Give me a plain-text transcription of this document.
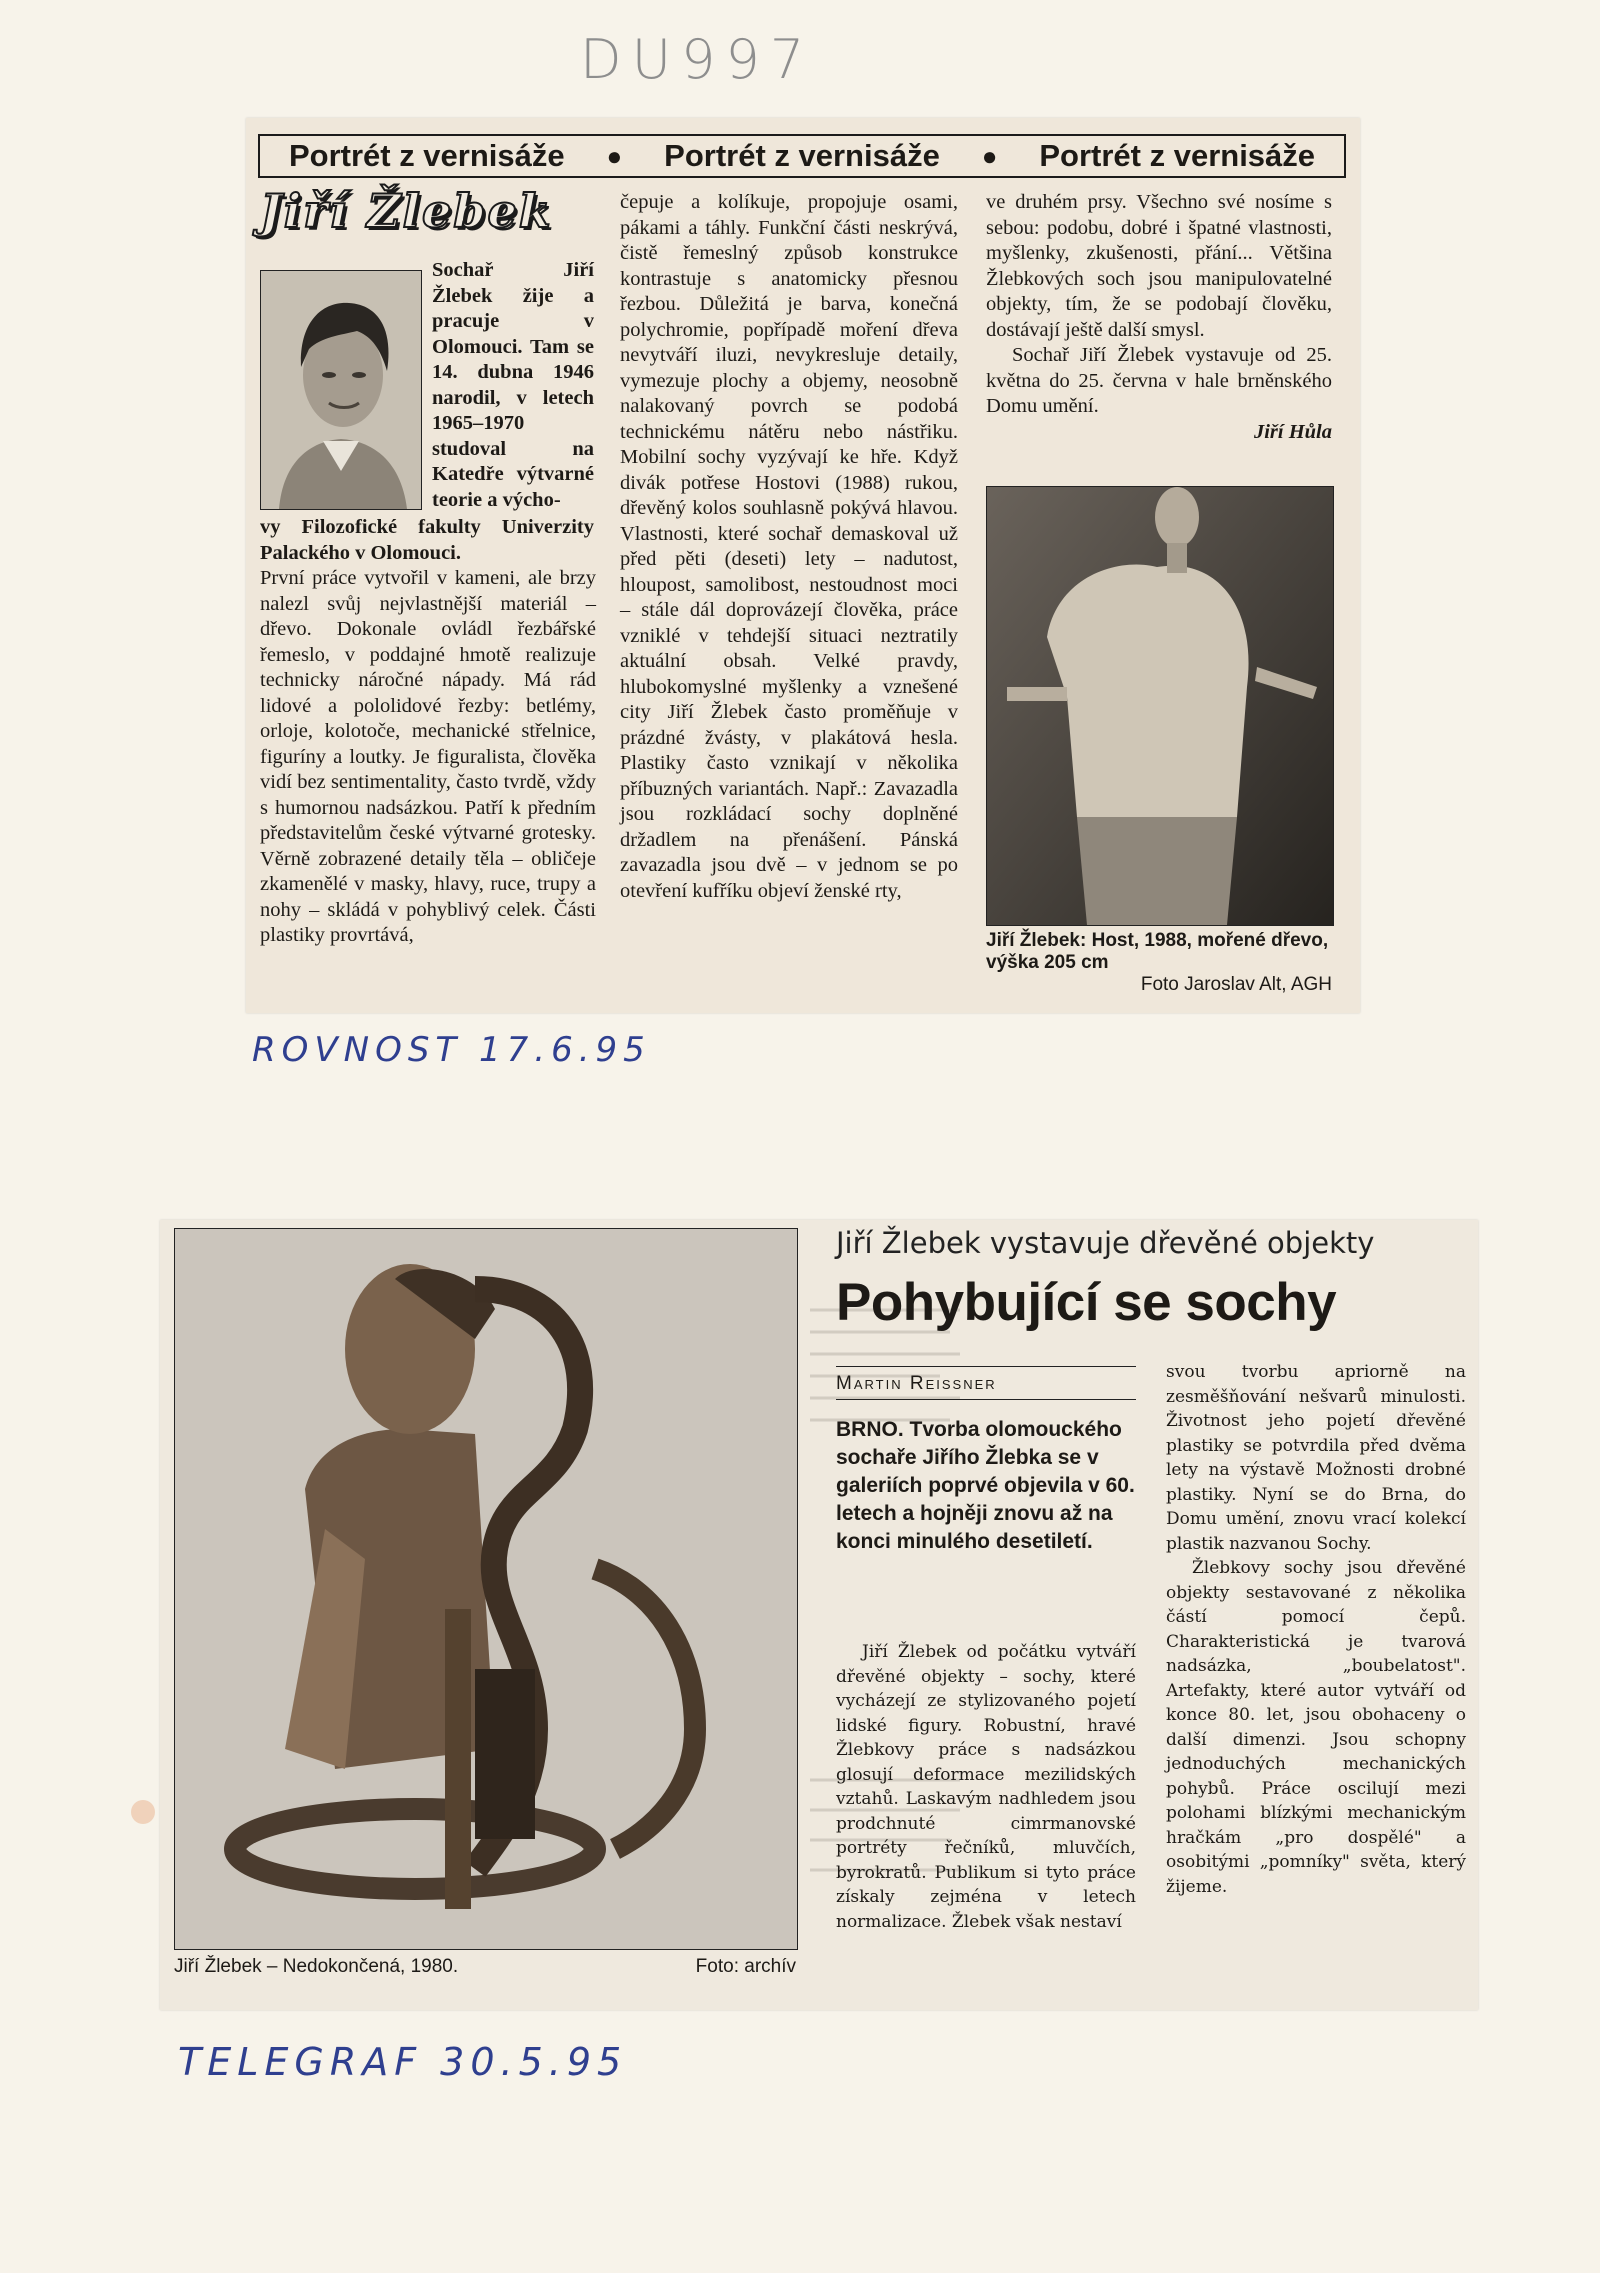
DU997
Portrét z vernisáže ● Portrét z vernisáže ● Portrét z vernisáže
Jiří Žlebek
Sochař Jiří Žlebek žije a pracuje v Olomouci. Tam se 14. dubna 1946 narodil, v letech 1965–1970 studoval na Katedře výtvarné teorie a výcho-
vy Filozofické fakulty Univerzity Palackého v Olomouci.
První práce vytvořil v kameni, ale brzy nalezl svůj nejvlastnější materiál – dřevo. Dokonale ovládl řezbářské řemeslo, v poddajné hmotě realizuje technicky náročné nápady. Má rád lidové a pololidové řezby: betlémy, orloje, kolotoče, mechanické střelnice, figuríny a loutky. Je figuralista, člověka vidí bez sentimentality, často tvrdě, vždy s humornou nadsázkou. Patří k předním představitelům české výtvarné grotesky. Věrně zobrazené detaily těla – obličeje zkamenělé v masky, hlavy, ruce, trupy a nohy – skládá v pohyblivý celek. Části plastiky provrtává,
čepuje a kolíkuje, propojuje osami, pákami a táhly. Funkční části neskrývá, čistě řemeslný způsob konstrukce kontrastuje s anatomicky přesnou řezbou. Důležitá je barva, konečná polychromie, popřípadě moření dřeva nevytváří iluzi, nevykresluje detaily, vymezuje plochy a objemy, neosobně nalakovaný povrch se podobá technickému nátěru nebo nástřiku. Mobilní sochy vyzývají ke hře. Když divák potřese Hostovi (1988) rukou, dřevěný kolos souhlasně pokývá hlavou. Vlastnosti, které sochař demaskoval už před pěti (deseti) lety – nadutost, hloupost, samolibost, nestoudnost moci – stále dál doprovázejí člověka, práce vzniklé v tehdejší situaci neztratily aktuální obsah. Velké pravdy, hlubokomyslné myšlenky a vznešené city Jiří Žlebek často proměňuje v prázdné žvásty, v plakátová hesla. Plastiky často vznikají v několika příbuzných variantách. Např.: Zavazadla jsou rozkládací sochy doplněné držadlem na přenášení. Pánská zavazadla jsou dvě – v jednom se po otevření kufříku objeví ženské rty,
ve druhém prsy. Všechno své nosíme s sebou: podobu, dobré i špatné vlastnosti, myšlenky, zkušenosti, přání... Většina Žlebkových soch jsou manipulovatelné objekty, tím, že se podobají člověku, dostávají ještě další smysl.
Sochař Jiří Žlebek vystavuje od 25. května do 25. června v hale brněnského Domu umění.
Jiří Hůla
Jiří Žlebek: Host, 1988, mořené dřevo, výška 205 cm
Foto Jaroslav Alt, AGH
ROVNOST 17.6.95
Jiří Žlebek – Nedokončená, 1980.	Foto: archív
Jiří Žlebek vystavuje dřevěné objekty
Pohybující se sochy
Martin Reissner
BRNO. Tvorba olomouckého sochaře Jiřího Žlebka se v galeriích poprvé objevila v 60. letech a hojněji znovu až na konci minulého desetiletí.
Jiří Žlebek od počátku vytváří dřevěné objekty – sochy, které vycházejí ze stylizovaného pojetí lidské figury. Robustní, hravé Žlebkovy práce s nadsázkou glosují deformace mezilidských vztahů. Laskavým nadhledem jsou prodchnuté cimrmanovské portréty řečníků, mluvčích, byrokratů. Publikum si tyto práce získaly zejména v letech normalizace. Žlebek však nestaví

svou tvorbu apriorně na zesměšňování nešvarů minulosti. Životnost jeho pojetí dřevěné plastiky se potvrdila před dvěma lety na výstavě Možnosti drobné plastiky. Nyní se do Brna, do Domu umění, znovu vrací kolekcí plastik nazvanou Sochy.

Žlebkovy sochy jsou dřevěné objekty sestavované z několika částí pomocí čepů. Charakteristická je tvarová nadsázka, „boubelatost". Artefakty, které autor vytváří od konce 80. let, jsou obohaceny o další dimenzi. Jsou schopny jednoduchých mechanických pohybů. Práce oscilují mezi polohami blízkými mechanickým hračkám „pro dospělé" a osobitými „pomníky" světa, který žijeme.

TELEGRAF 30.5.95
